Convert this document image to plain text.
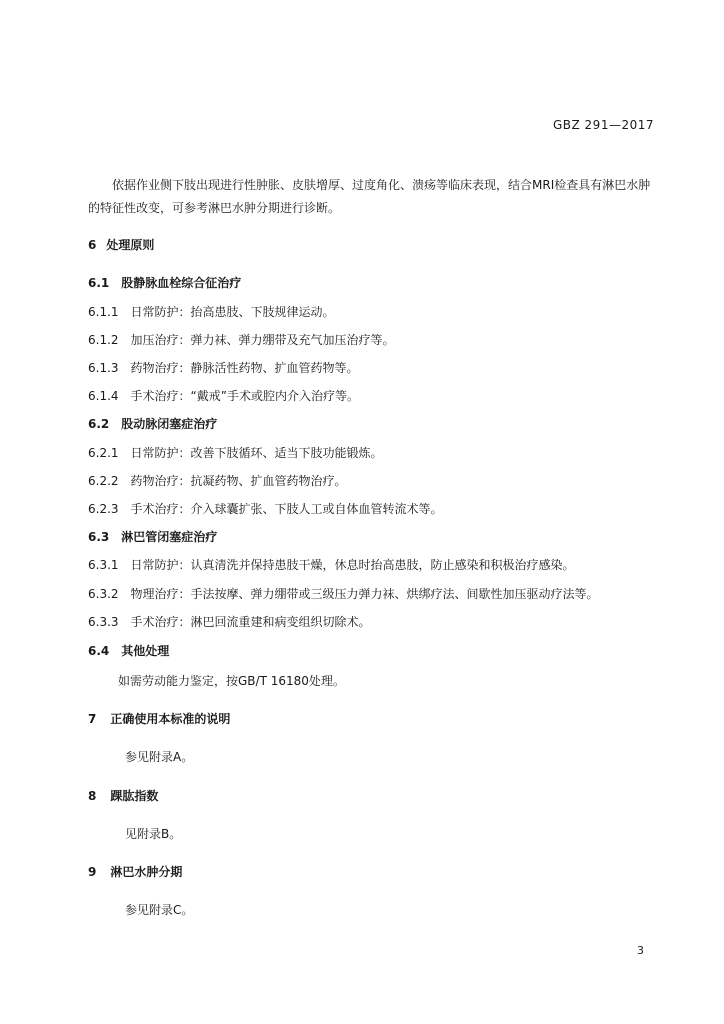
GBZ 291—2017
依据作业侧下肢出现进行性肿胀、皮肤增厚、过度角化、溃疡等临床表现，结合MRI检查具有淋巴水肿的特征性改变，可参考淋巴水肿分期进行诊断。
6 处理原则
6.1 股静脉血栓综合征治疗
6.1.1 日常防护：抬高患肢、下肢规律运动。
6.1.2 加压治疗：弹力袜、弹力绷带及充气加压治疗等。
6.1.3 药物治疗：静脉活性药物、扩血管药物等。
6.1.4 手术治疗：“戴戒”手术或腔内介入治疗等。
6.2 股动脉闭塞症治疗
6.2.1 日常防护：改善下肢循环、适当下肢功能锻炼。
6.2.2 药物治疗：抗凝药物、扩血管药物治疗。
6.2.3 手术治疗：介入球囊扩张、下肢人工或自体血管转流术等。
6.3 淋巴管闭塞症治疗
6.3.1 日常防护：认真清洗并保持患肢干燥，休息时抬高患肢，防止感染和积极治疗感染。
6.3.2 物理治疗：手法按摩、弹力绷带或三级压力弹力袜、烘绑疗法、间歇性加压驱动疗法等。
6.3.3 手术治疗：淋巴回流重建和病变组织切除术。
6.4 其他处理
如需劳动能力鉴定，按GB/T 16180处理。
7 正确使用本标准的说明
参见附录A。
8 踝肱指数
见附录B。
9 淋巴水肿分期
参见附录C。
3
